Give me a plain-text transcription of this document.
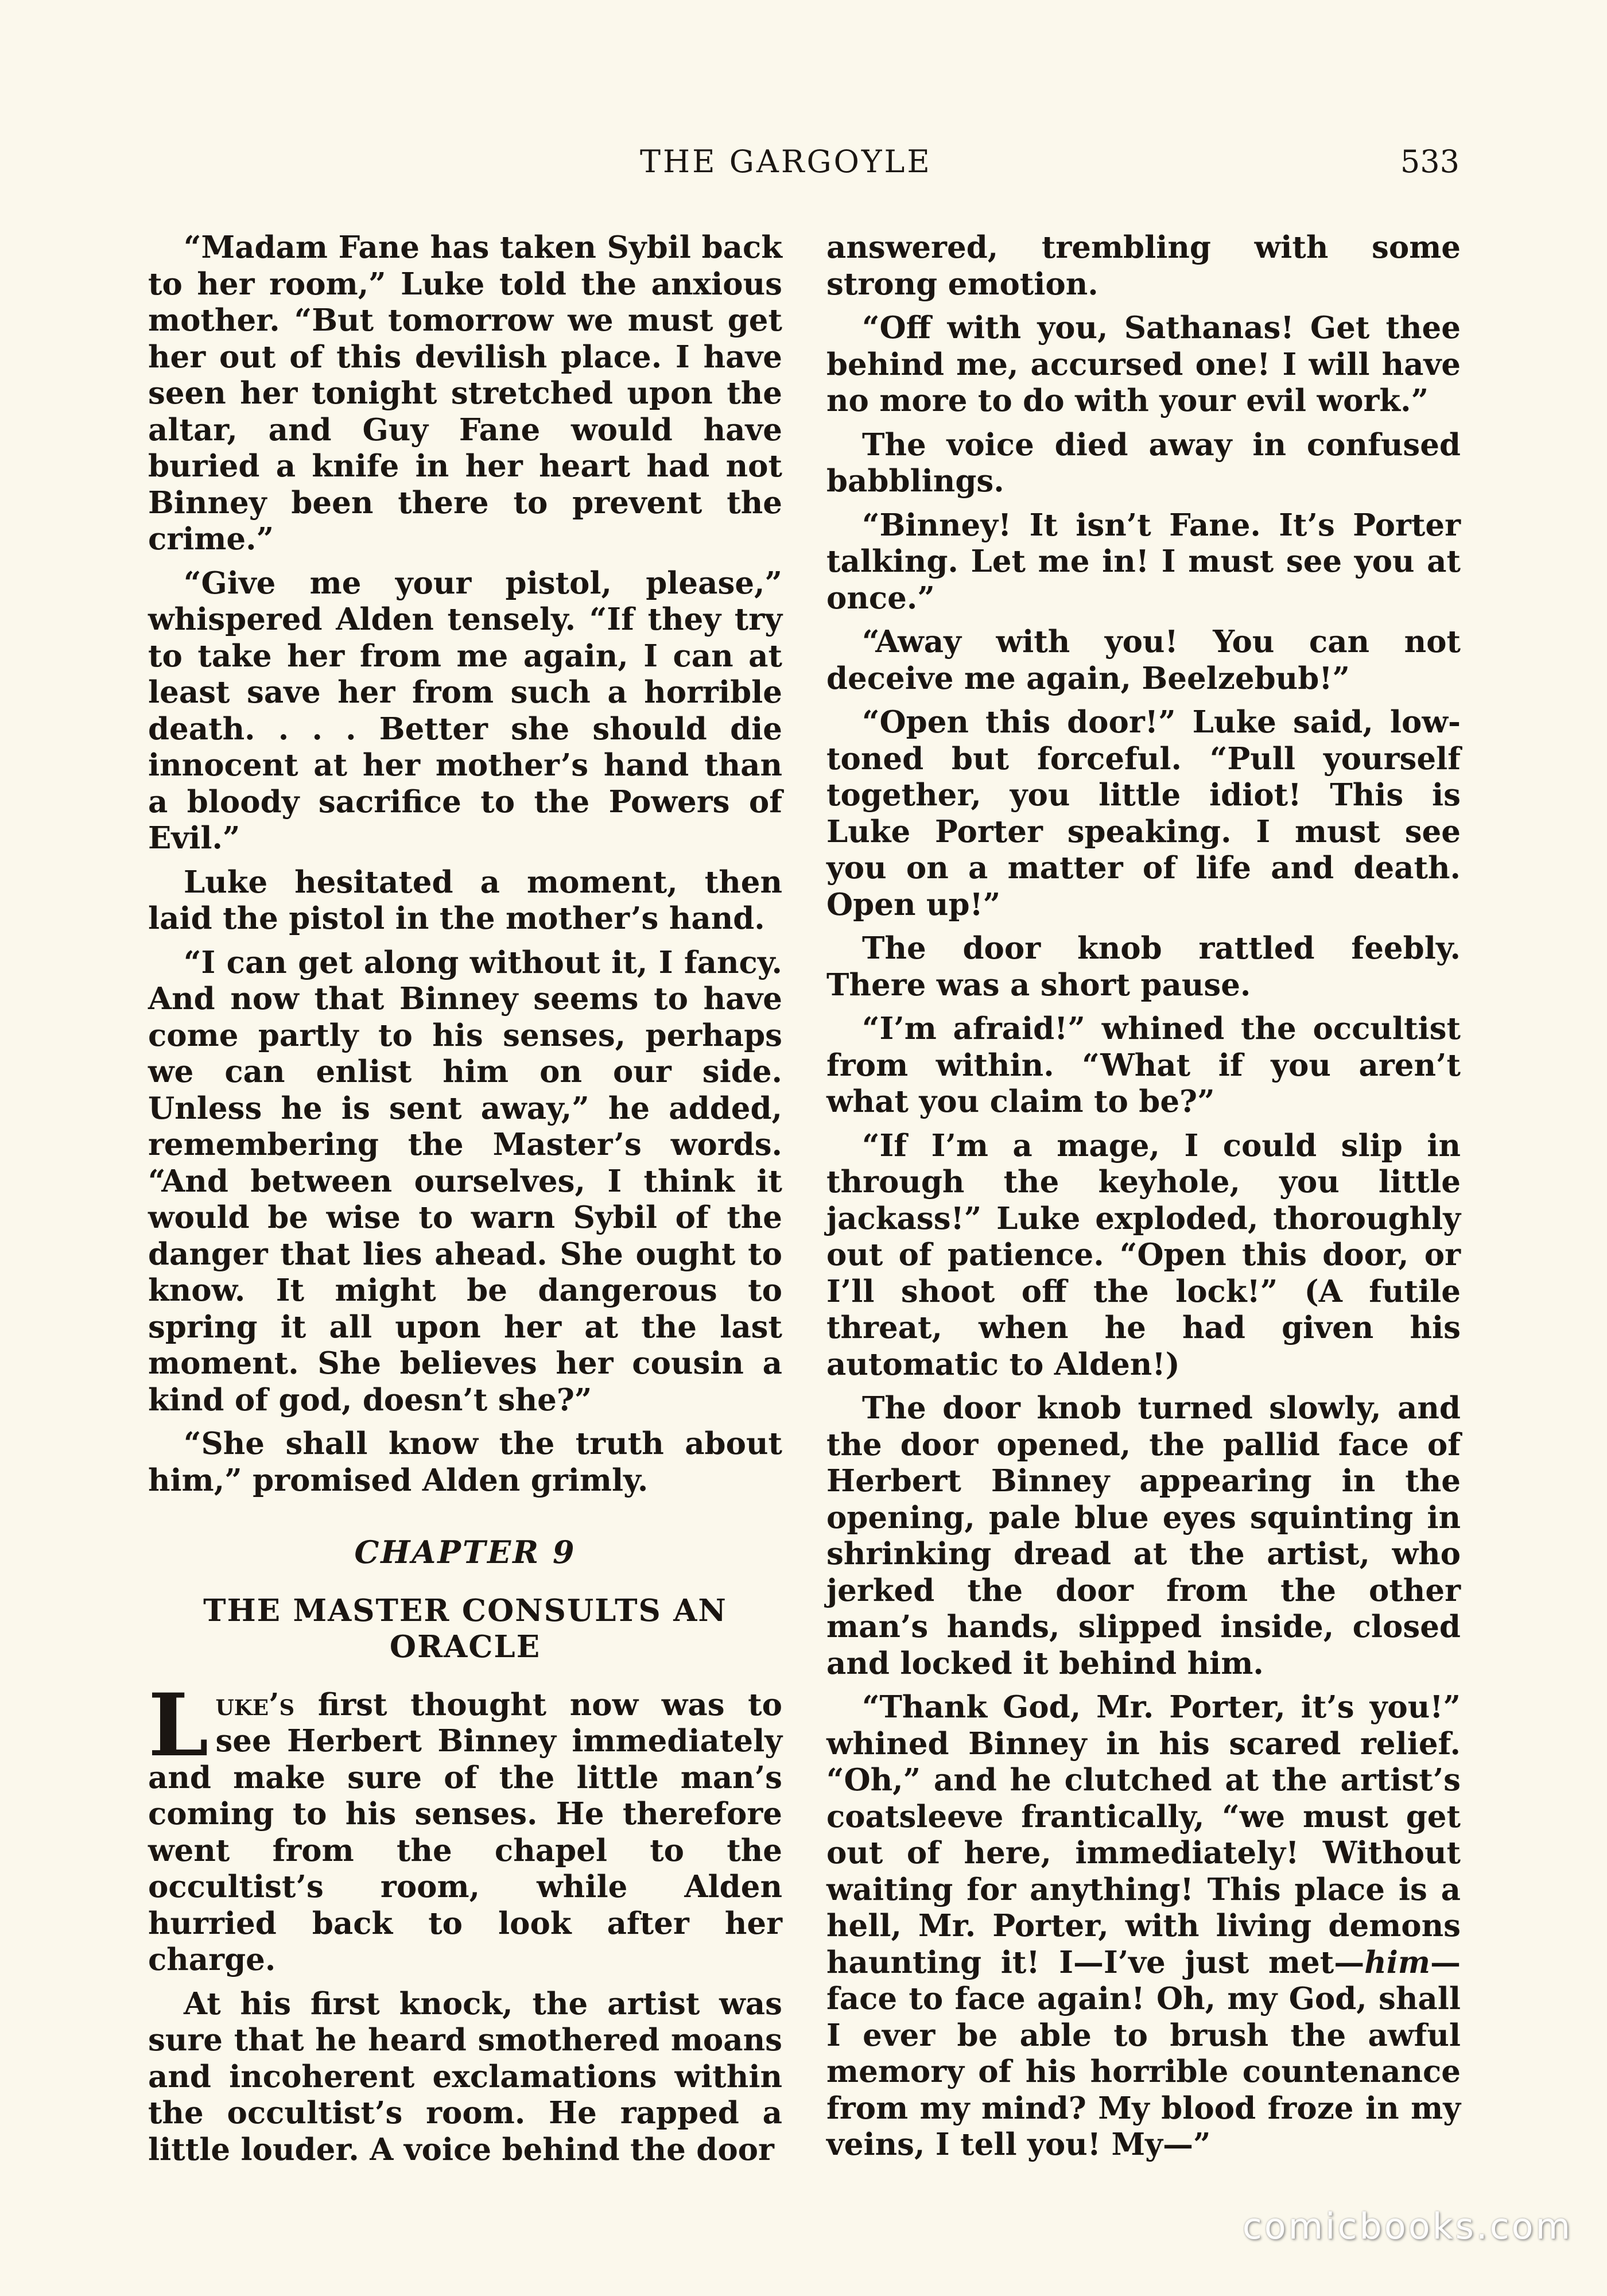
THE GARGOYLE	533

“Madam Fane has taken Sybil back to her room,” Luke told the anxious mother. “But tomorrow we must get her out of this devilish place. I have seen her tonight stretched upon the altar, and Guy Fane would have buried a knife in her heart had not Binney been there to prevent the crime.”

“Give me your pistol, please,” whispered Alden tensely. “If they try to take her from me again, I can at least save her from such a horrible death. . . . Better she should die innocent at her mother’s hand than a bloody sacrifice to the Powers of Evil.”

Luke hesitated a moment, then laid the pistol in the mother’s hand.

“I can get along without it, I fancy. And now that Binney seems to have come partly to his senses, perhaps we can enlist him on our side. Unless he is sent away,” he added, remembering the Master’s words. “And between ourselves, I think it would be wise to warn Sybil of the danger that lies ahead. She ought to know. It might be dangerous to spring it all upon her at the last moment. She believes her cousin a kind of god, doesn’t she?”

“She shall know the truth about him,” promised Alden grimly.

CHAPTER 9
THE MASTER CONSULTS AN ORACLE

Luke’s first thought now was to see Herbert Binney immediately and make sure of the little man’s coming to his senses. He therefore went from the chapel to the occultist’s room, while Alden hurried back to look after her charge.

At his first knock, the artist was sure that he heard smothered moans and incoherent exclamations within the occultist’s room. He rapped a little louder. A voice behind the door

answered, trembling with some strong emotion.

“Off with you, Sathanas! Get thee behind me, accursed one! I will have no more to do with your evil work.”

The voice died away in confused babblings.

“Binney! It isn’t Fane. It’s Porter talking. Let me in! I must see you at once.”

“Away with you! You can not deceive me again, Beelzebub!”

“Open this door!” Luke said, low-toned but forceful. “Pull yourself together, you little idiot! This is Luke Porter speaking. I must see you on a matter of life and death. Open up!”

The door knob rattled feebly. There was a short pause.

“I’m afraid!” whined the occultist from within. “What if you aren’t what you claim to be?”

“If I’m a mage, I could slip in through the keyhole, you little jackass!” Luke exploded, thoroughly out of patience. “Open this door, or I’ll shoot off the lock!” (A futile threat, when he had given his automatic to Alden!)

The door knob turned slowly, and the door opened, the pallid face of Herbert Binney appearing in the opening, pale blue eyes squinting in shrinking dread at the artist, who jerked the door from the other man’s hands, slipped inside, closed and locked it behind him.

“Thank God, Mr. Porter, it’s you!” whined Binney in his scared relief. “Oh,” and he clutched at the artist’s coatsleeve frantically, “we must get out of here, immediately! Without waiting for anything! This place is a hell, Mr. Porter, with living demons haunting it! I—I’ve just met—him—face to face again! Oh, my God, shall I ever be able to brush the awful memory of his horrible countenance from my mind? My blood froze in my veins, I tell you! My—”

comicbooks.com
